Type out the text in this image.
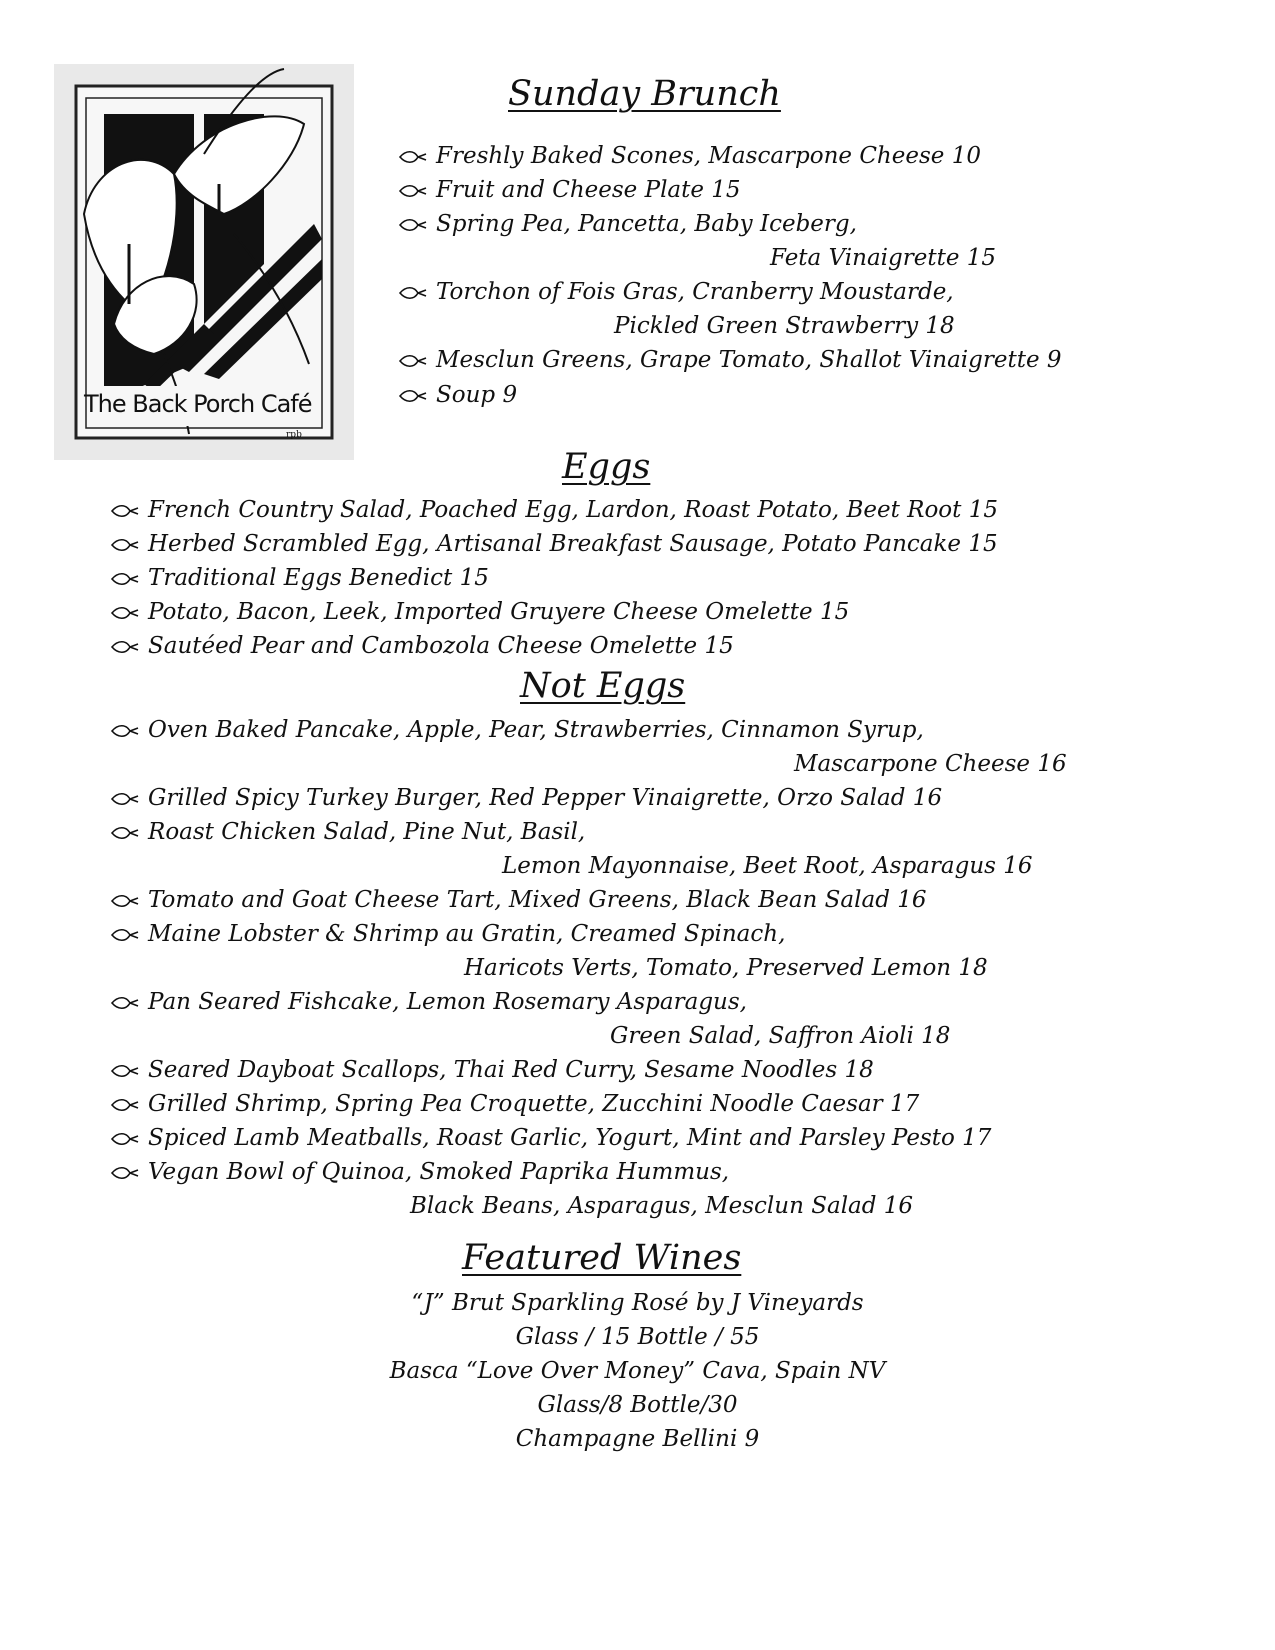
The Back Porch Café
rpb
Sunday Brunch
Freshly Baked Scones, Mascarpone Cheese 10
Fruit and Cheese Plate 15
Spring Pea, Pancetta, Baby Iceberg,
Feta Vinaigrette 15
Torchon of Fois Gras, Cranberry Moustarde,
Pickled Green Strawberry 18
Mesclun Greens, Grape Tomato, Shallot Vinaigrette 9
Soup 9
Eggs
French Country Salad, Poached Egg, Lardon, Roast Potato, Beet Root 15
Herbed Scrambled Egg, Artisanal Breakfast Sausage, Potato Pancake 15
Traditional Eggs Benedict 15
Potato, Bacon, Leek, Imported Gruyere Cheese Omelette 15
Sautéed Pear and Cambozola Cheese Omelette 15
Not Eggs
Oven Baked Pancake, Apple, Pear, Strawberries, Cinnamon Syrup,
Mascarpone Cheese 16
Grilled Spicy Turkey Burger, Red Pepper Vinaigrette, Orzo Salad 16
Roast Chicken Salad, Pine Nut, Basil,
Lemon Mayonnaise, Beet Root, Asparagus 16
Tomato and Goat Cheese Tart, Mixed Greens, Black Bean Salad 16
Maine Lobster & Shrimp au Gratin, Creamed Spinach,
Haricots Verts, Tomato, Preserved Lemon 18
Pan Seared Fishcake, Lemon Rosemary Asparagus,
Green Salad, Saffron Aioli 18
Seared Dayboat Scallops, Thai Red Curry, Sesame Noodles 18
Grilled Shrimp, Spring Pea Croquette, Zucchini Noodle Caesar 17
Spiced Lamb Meatballs, Roast Garlic, Yogurt, Mint and Parsley Pesto 17
Vegan Bowl of Quinoa, Smoked Paprika Hummus,
Black Beans, Asparagus, Mesclun Salad 16
Featured Wines
“J” Brut Sparkling Rosé by J Vineyards
Glass / 15 Bottle / 55
Basca “Love Over Money” Cava, Spain NV
Glass/8 Bottle/30
Champagne Bellini 9
